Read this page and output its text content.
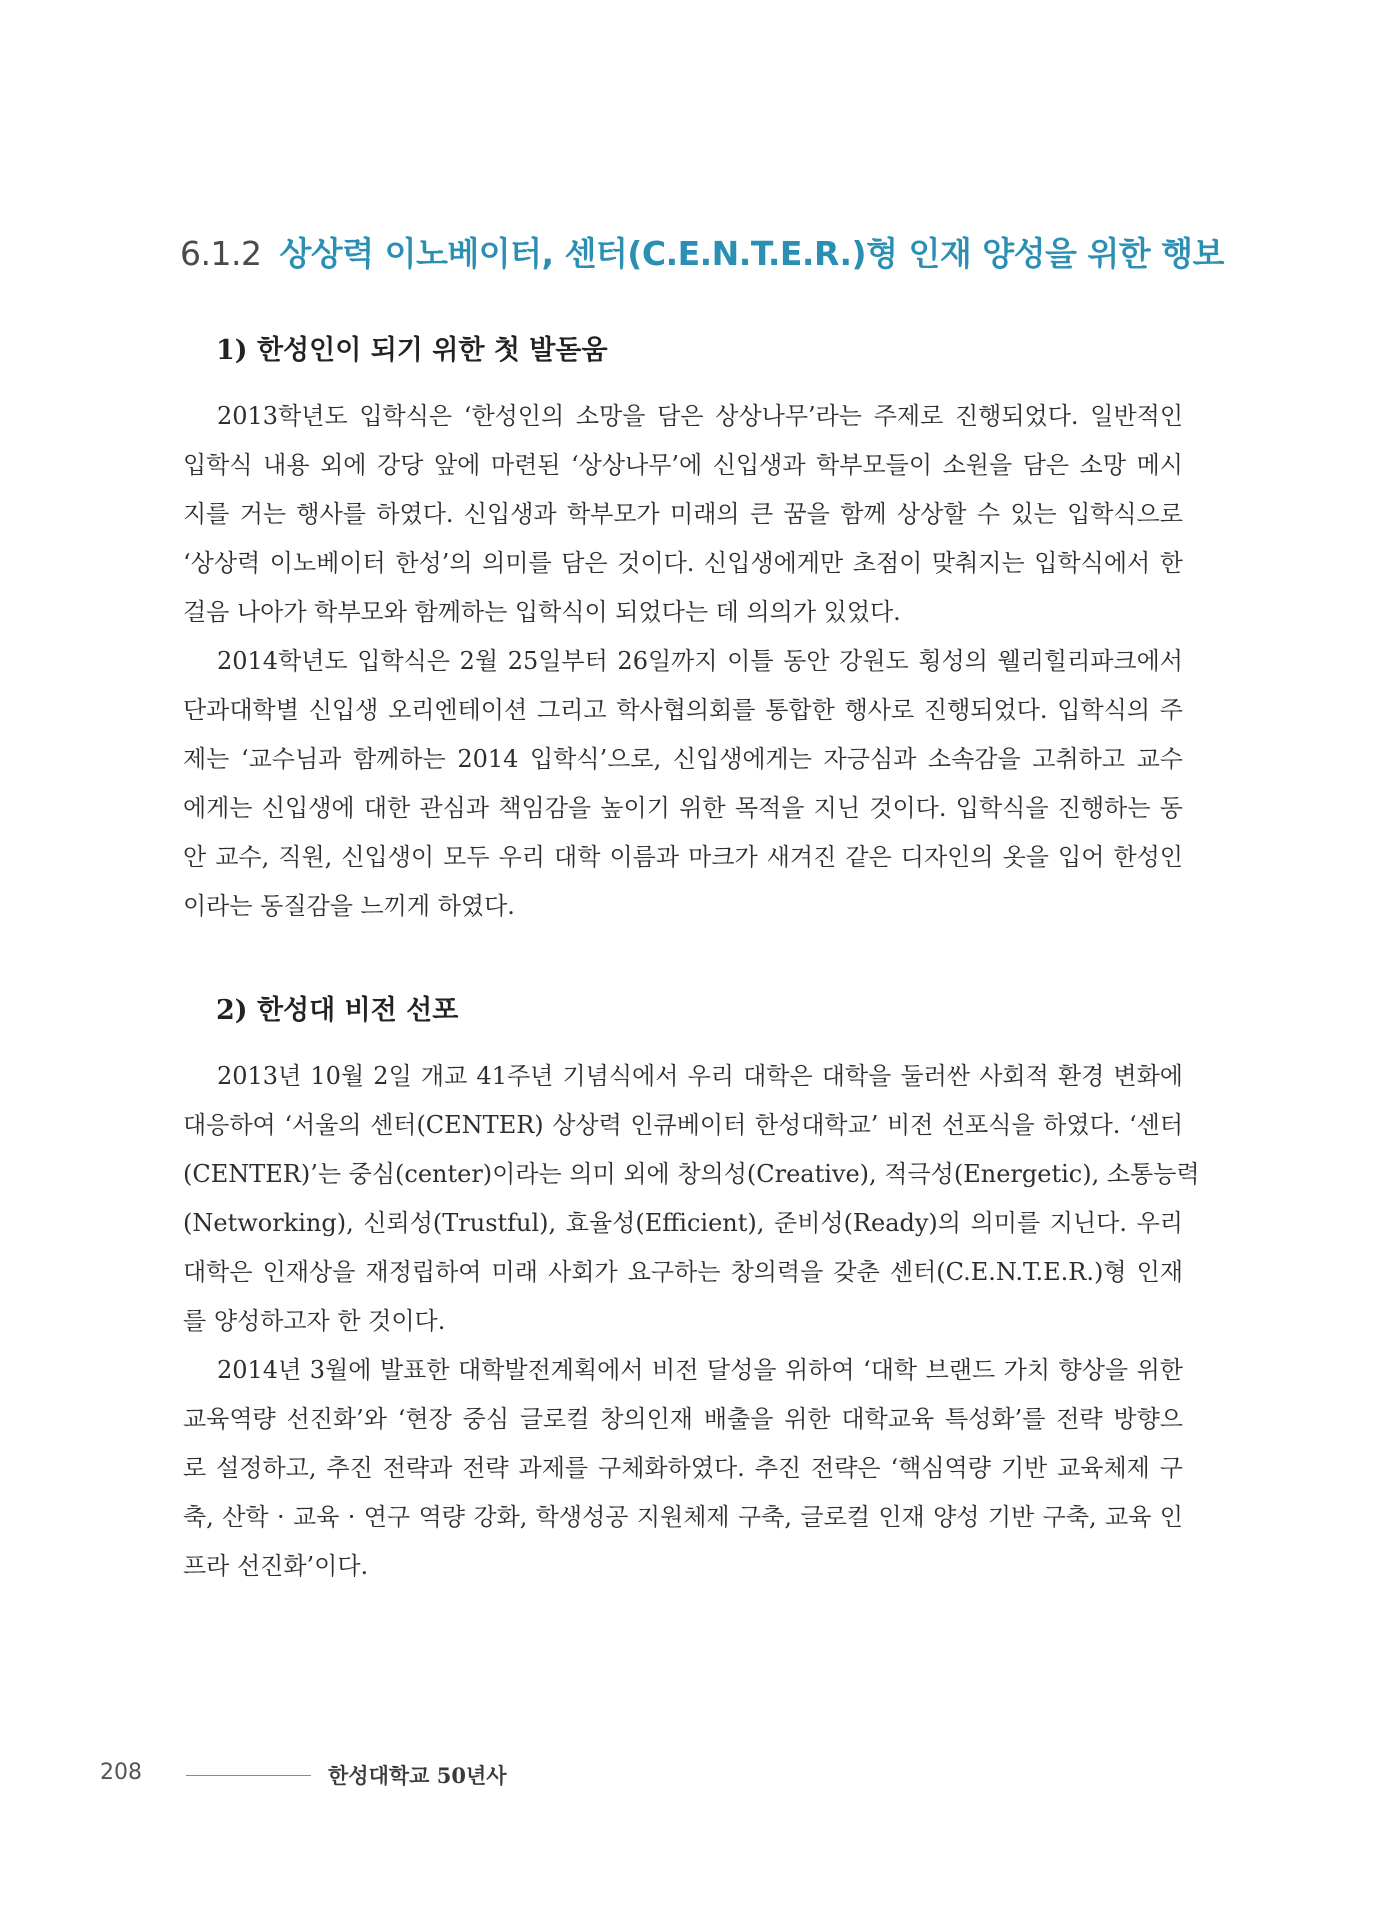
6.1.2 상상력 이노베이터, 센터(C.E.N.T.E.R.)형 인재 양성을 위한 행보
1) 한성인이 되기 위한 첫 발돋움
2013학년도 입학식은 ‘한성인의 소망을 담은 상상나무’라는 주제로 진행되었다. 일반적인
입학식 내용 외에 강당 앞에 마련된 ‘상상나무’에 신입생과 학부모들이 소원을 담은 소망 메시
지를 거는 행사를 하였다. 신입생과 학부모가 미래의 큰 꿈을 함께 상상할 수 있는 입학식으로
‘상상력 이노베이터 한성’의 의미를 담은 것이다. 신입생에게만 초점이 맞춰지는 입학식에서 한
걸음 나아가 학부모와 함께하는 입학식이 되었다는 데 의의가 있었다.
2014학년도 입학식은 2월 25일부터 26일까지 이틀 동안 강원도 횡성의 웰리힐리파크에서
단과대학별 신입생 오리엔테이션 그리고 학사협의회를 통합한 행사로 진행되었다. 입학식의 주
제는 ‘교수님과 함께하는 2014 입학식’으로, 신입생에게는 자긍심과 소속감을 고취하고 교수
에게는 신입생에 대한 관심과 책임감을 높이기 위한 목적을 지닌 것이다. 입학식을 진행하는 동
안 교수, 직원, 신입생이 모두 우리 대학 이름과 마크가 새겨진 같은 디자인의 옷을 입어 한성인
이라는 동질감을 느끼게 하였다.
2) 한성대 비전 선포
2013년 10월 2일 개교 41주년 기념식에서 우리 대학은 대학을 둘러싼 사회적 환경 변화에
대응하여 ‘서울의 센터(CENTER) 상상력 인큐베이터 한성대학교’ 비전 선포식을 하였다. ‘센터
(CENTER)’는 중심(center)이라는 의미 외에 창의성(Creative), 적극성(Energetic), 소통능력
(Networking), 신뢰성(Trustful), 효율성(Efficient), 준비성(Ready)의 의미를 지닌다. 우리
대학은 인재상을 재정립하여 미래 사회가 요구하는 창의력을 갖춘 센터(C.E.N.T.E.R.)형 인재
를 양성하고자 한 것이다.
2014년 3월에 발표한 대학발전계획에서 비전 달성을 위하여 ‘대학 브랜드 가치 향상을 위한
교육역량 선진화’와 ‘현장 중심 글로컬 창의인재 배출을 위한 대학교육 특성화’를 전략 방향으
로 설정하고, 추진 전략과 전략 과제를 구체화하였다. 추진 전략은 ‘핵심역량 기반 교육체제 구
축, 산학 · 교육 · 연구 역량 강화, 학생성공 지원체제 구축, 글로컬 인재 양성 기반 구축, 교육 인
프라 선진화’이다.
208	한성대학교 50년사
